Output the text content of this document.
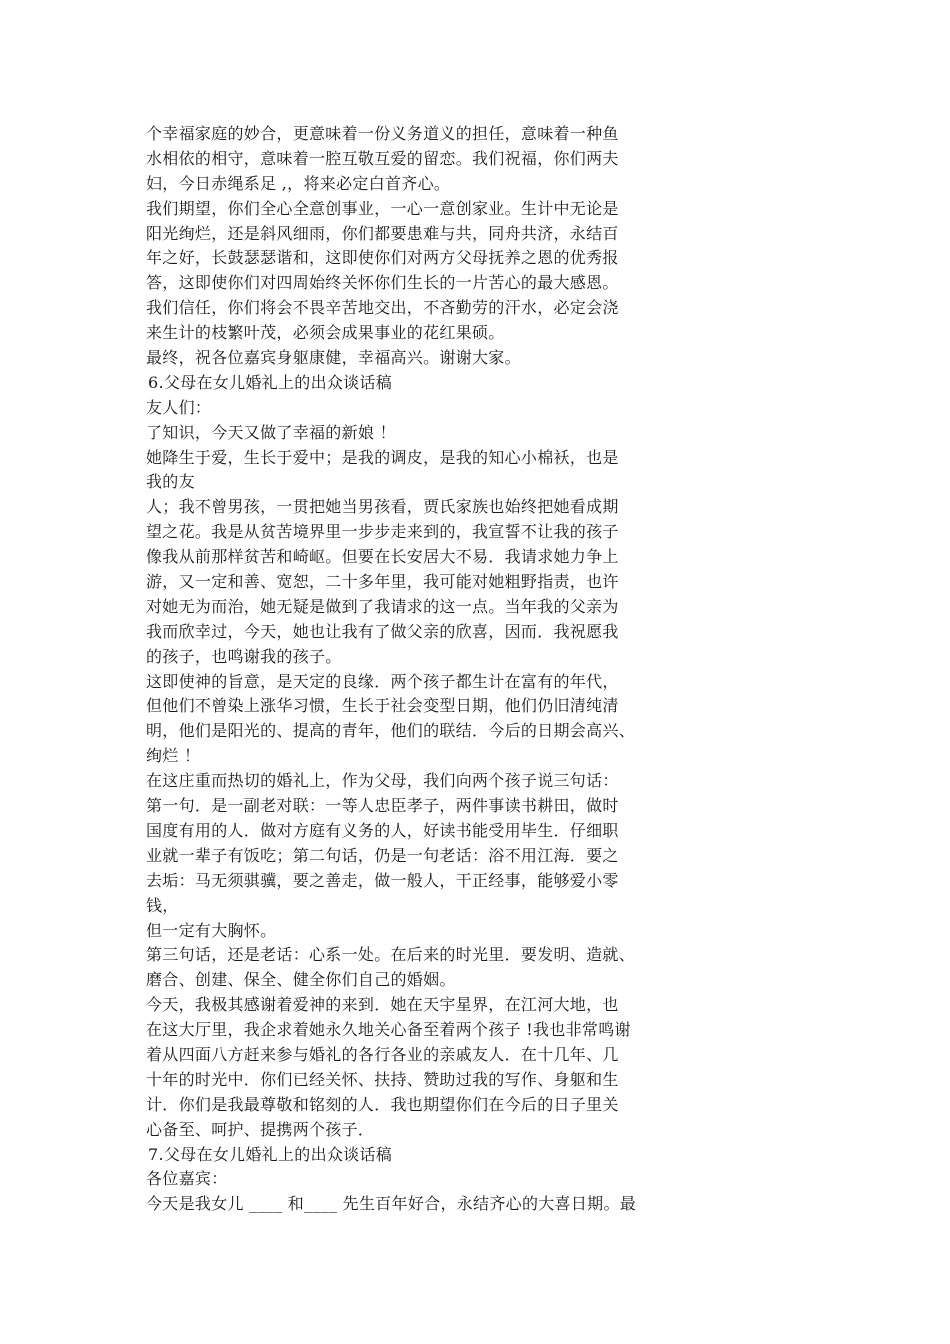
个幸福家庭的妙合，更意味着一份义务道义的担任，意味着一种鱼
水相依的相守，意味着一腔互敬互爱的留恋。我们祝福，你们两夫
妇，今日赤绳系足 ,，将来必定白首齐心。
我们期望，你们全心全意创事业，一心一意创家业。生计中无论是
阳光绚烂，还是斜风细雨，你们都要患难与共，同舟共济，永结百
年之好，长鼓瑟瑟谐和，这即使你们对两方父母抚养之恩的优秀报
答，这即使你们对四周始终关怀你们生长的一片苦心的最大感恩。
我们信任，你们将会不畏辛苦地交出，不吝勤劳的汗水，必定会浇
来生计的枝繁叶茂，必须会成果事业的花红果硕。
最终，祝各位嘉宾身躯康健，幸福高兴。谢谢大家。
6.父母在女儿婚礼上的出众谈话稿
友人们：
了知识，今天又做了幸福的新娘 ！
她降生于爱，生长于爱中；是我的调皮，是我的知心小棉袄，也是
我的友
人；我不曾男孩，一贯把她当男孩看，贾氏家族也始终把她看成期
望之花。我是从贫苦境界里一步步走来到的，我宣誓不让我的孩子
像我从前那样贫苦和崎岖。但要在长安居大不易．我请求她力争上
游，又一定和善、宽恕，二十多年里，我可能对她粗野指责，也许
对她无为而治，她无疑是做到了我请求的这一点。当年我的父亲为
我而欣幸过，今天，她也让我有了做父亲的欣喜，因而．我祝愿我
的孩子，也鸣谢我的孩子。
这即使神的旨意，是天定的良缘．两个孩子都生计在富有的年代，
但他们不曾染上涨华习惯，生长于社会变型日期，他们仍旧清纯清
明，他们是阳光的、提高的青年，他们的联结．今后的日期会高兴、
绚烂 ！
在这庄重而热切的婚礼上，作为父母，我们向两个孩子说三句话：
第一句．是一副老对联：一等人忠臣孝子，两件事读书耕田，做时
国度有用的人．做对方庭有义务的人，好读书能受用毕生．仔细职
业就一辈子有饭吃；第二句话，仍是一句老话：浴不用江海．要之
去垢：马无须骐骥，要之善走，做一般人，干正经事，能够爱小零
钱，
但一定有大胸怀。
第三句话，还是老话：心系一处。在后来的时光里．要发明、造就、
磨合、创建、保全、健全你们自己的婚姻。
今天，我极其感谢着爱神的来到．她在天宇星界，在江河大地，也
在这大厅里，我企求着她永久地关心备至着两个孩子 !我也非常鸣谢
着从四面八方赶来参与婚礼的各行各业的亲戚友人．在十几年、几
十年的时光中．你们已经关怀、扶持、赞助过我的写作、身躯和生
计．你们是我最尊敬和铭刻的人．我也期望你们在今后的日子里关
心备至、呵护、提携两个孩子．
7.父母在女儿婚礼上的出众谈话稿
各位嘉宾：
今天是我女儿 ____ 和____ 先生百年好合，永结齐心的大喜日期。最
